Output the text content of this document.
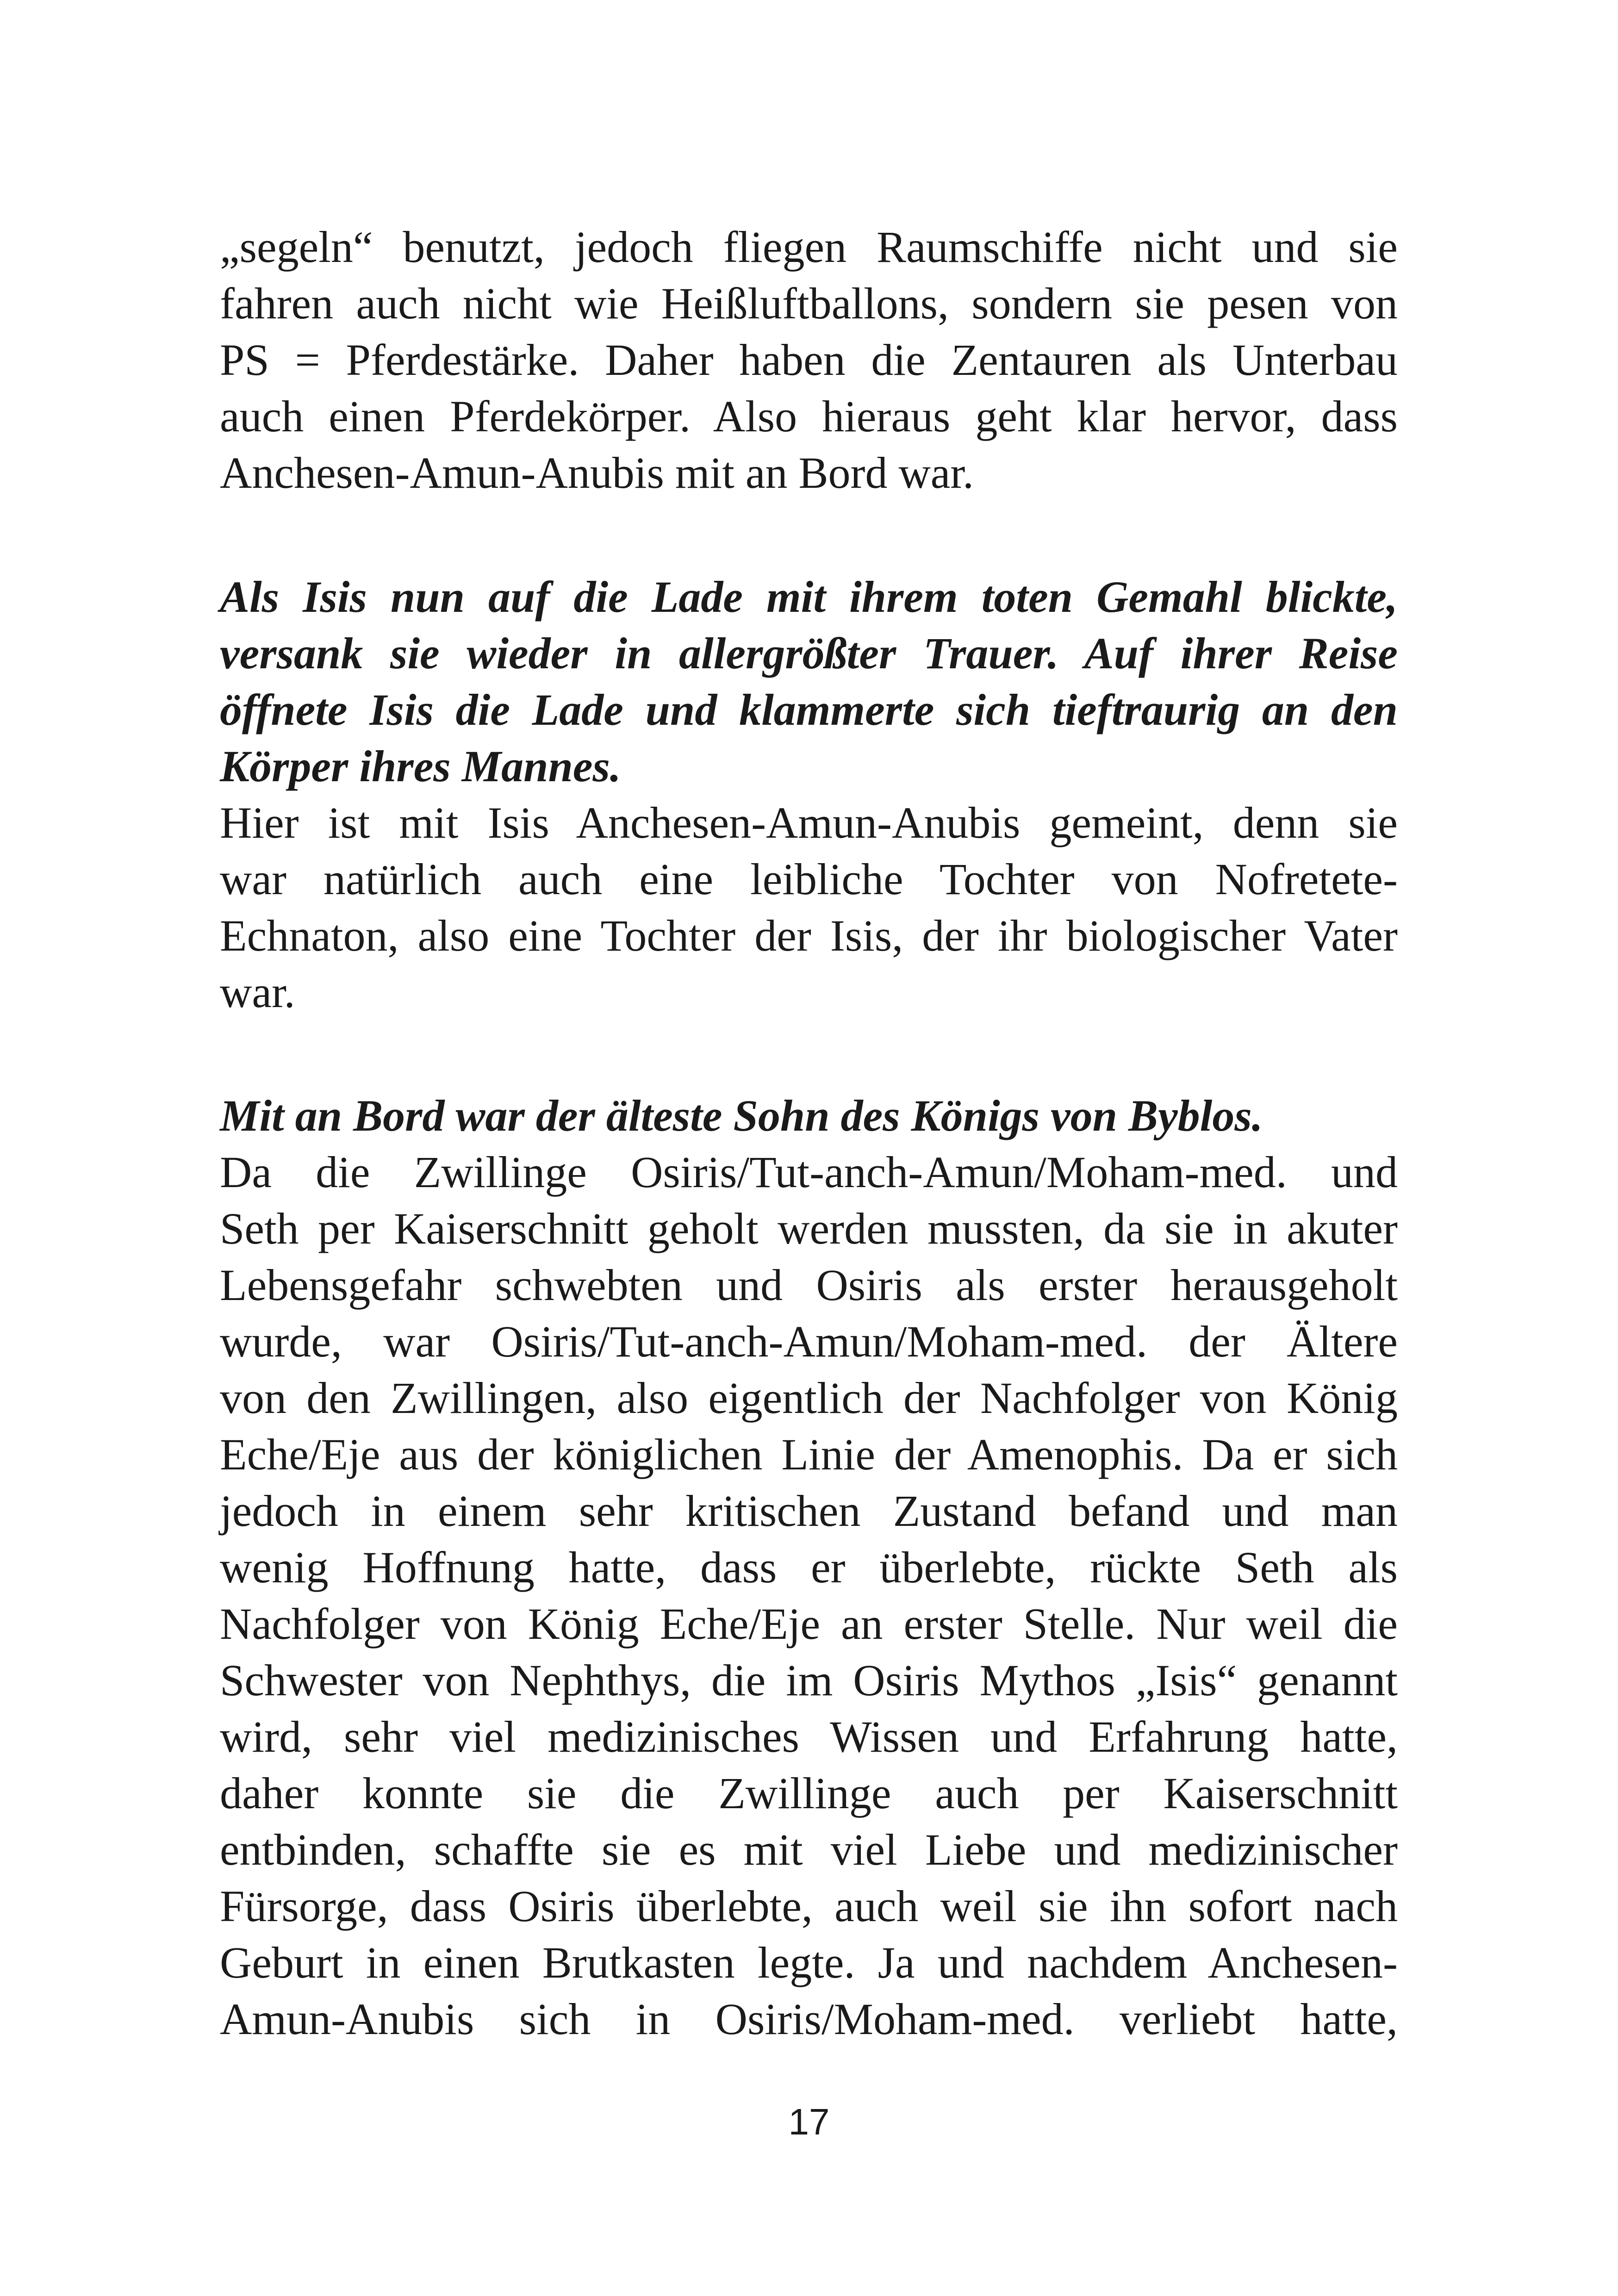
„segeln“ benutzt, jedoch fliegen Raumschiffe nicht und sie
fahren auch nicht wie Heißluftballons, sondern sie pesen von
PS = Pferdestärke. Daher haben die Zentauren als Unterbau
auch einen Pferdekörper. Also hieraus geht klar hervor, dass
Anchesen-Amun-Anubis mit an Bord war.
Als Isis nun auf die Lade mit ihrem toten Gemahl blickte,
versank sie wieder in allergrößter Trauer. Auf ihrer Reise
öffnete Isis die Lade und klammerte sich tieftraurig an den
Körper ihres Mannes.
Hier ist mit Isis Anchesen-Amun-Anubis gemeint, denn sie
war natürlich auch eine leibliche Tochter von Nofretete-
Echnaton, also eine Tochter der Isis, der ihr biologischer Vater
war.
Mit an Bord war der älteste Sohn des Königs von Byblos.
Da die Zwillinge Osiris/Tut-anch-Amun/Moham-med. und
Seth per Kaiserschnitt geholt werden mussten, da sie in akuter
Lebensgefahr schwebten und Osiris als erster herausgeholt
wurde, war Osiris/Tut-anch-Amun/Moham-med. der Ältere
von den Zwillingen, also eigentlich der Nachfolger von König
Eche/Eje aus der königlichen Linie der Amenophis. Da er sich
jedoch in einem sehr kritischen Zustand befand und man
wenig Hoffnung hatte, dass er überlebte, rückte Seth als
Nachfolger von König Eche/Eje an erster Stelle. Nur weil die
Schwester von Nephthys, die im Osiris Mythos „Isis“ genannt
wird, sehr viel medizinisches Wissen und Erfahrung hatte,
daher konnte sie die Zwillinge auch per Kaiserschnitt
entbinden, schaffte sie es mit viel Liebe und medizinischer
Fürsorge, dass Osiris überlebte, auch weil sie ihn sofort nach
Geburt in einen Brutkasten legte. Ja und nachdem Anchesen-
Amun-Anubis sich in Osiris/Moham-med. verliebt hatte,
17
